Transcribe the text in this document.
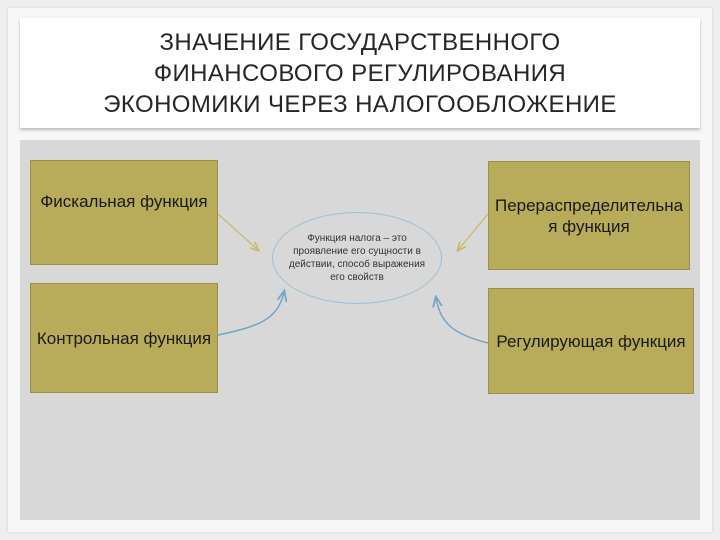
ЗНАЧЕНИЕ ГОСУДАРСТВЕННОГО
ФИНАНСОВОГО РЕГУЛИРОВАНИЯ
ЭКОНОМИКИ ЧЕРЕЗ НАЛОГООБЛОЖЕНИЕ
Фискальная функция
Контрольная функция
Перераспределительная функция
Регулирующая функция
Функция налога – это проявление его сущности в действии, способ выражения его свойств
